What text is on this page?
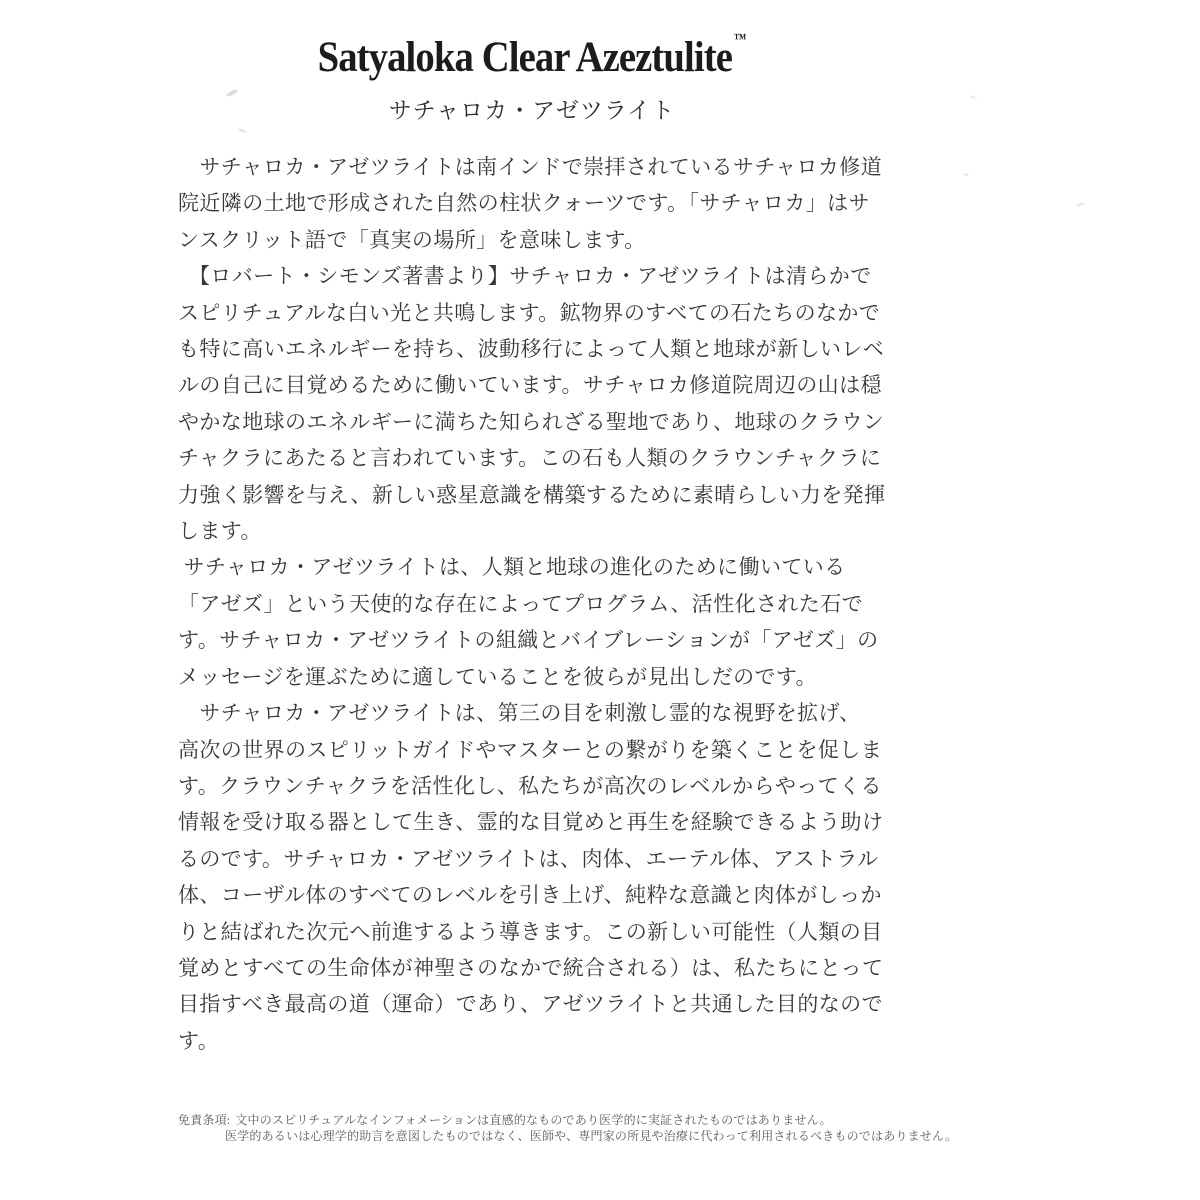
Satyaloka Clear Azeztulite ™
サチャロカ・アゼツライト

　サチャロカ・アゼツライトは南インドで崇拝されているサチャロカ修道
院近隣の土地で形成された自然の柱状クォーツです。「サチャロカ」はサ
ンスクリット語で「真実の場所」を意味します。

　【ロバート・シモンズ著書より】サチャロカ・アゼツライトは清らかで
スピリチュアルな白い光と共鳴します。鉱物界のすべての石たちのなかで
も特に高いエネルギーを持ち、波動移行によって人類と地球が新しいレベ
ルの自己に目覚めるために働いています。サチャロカ修道院周辺の山は穏
やかな地球のエネルギーに満ちた知られざる聖地であり、地球のクラウン
チャクラにあたると言われています。この石も人類のクラウンチャクラに
力強く影響を与え、新しい惑星意識を構築するために素晴らしい力を発揮
します。

サチャロカ・アゼツライトは、人類と地球の進化のために働いている
「アゼズ」という天使的な存在によってプログラム、活性化された石で
す。サチャロカ・アゼツライトの組織とバイブレーションが「アゼズ」の
メッセージを運ぶために適していることを彼らが見出しだのです。

　サチャロカ・アゼツライトは、第三の目を刺激し霊的な視野を拡げ、
高次の世界のスピリットガイドやマスターとの繋がりを築くことを促しま
す。クラウンチャクラを活性化し、私たちが高次のレベルからやってくる
情報を受け取る器として生き、霊的な目覚めと再生を経験できるよう助け
るのです。サチャロカ・アゼツライトは、肉体、エーテル体、アストラル
体、コーザル体のすべてのレベルを引き上げ、純粋な意識と肉体がしっか
りと結ばれた次元へ前進するよう導きます。この新しい可能性（人類の目
覚めとすべての生命体が神聖さのなかで統合される）は、私たちにとって
目指すべき最高の道（運命）であり、アゼツライトと共通した目的なので
す。

免責条項: 文中のスピリチュアルなインフォメーションは直感的なものであり医学的に実証されたものではありません。
医学的あるいは心理学的助言を意図したものではなく、医師や、専門家の所見や治療に代わって利用されるべきものではありません。
